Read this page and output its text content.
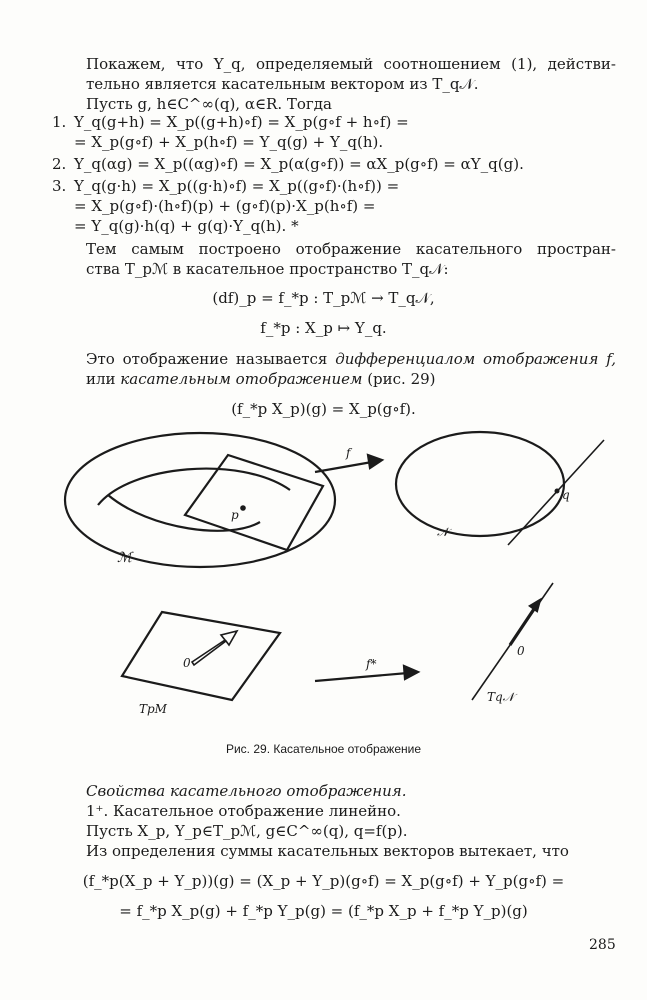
Покажем, что Y_q, определяемый соотношением (1), действи-
тельно является касательным вектором из T_q𝒩.
Пусть g, h∈C^∞(q), α∈R. Тогда
1. Y_q(g+h) = X_p((g+h)∘f) = X_p(g∘f + h∘f) =
= X_p(g∘f) + X_p(h∘f) = Y_q(g) + Y_q(h).
2. Y_q(αg) = X_p((αg)∘f) = X_p(α(g∘f)) = αX_p(g∘f) = αY_q(g).
3. Y_q(g·h) = X_p((g·h)∘f) = X_p((g∘f)·(h∘f)) =
= X_p(g∘f)·(h∘f)(p) + (g∘f)(p)·X_p(h∘f) =
= Y_q(g)·h(q) + g(q)·Y_q(h). *
Тем самым построено отображение касательного простран-
ства T_pℳ в касательное пространство T_q𝒩:
(df)_p = f_*p : T_pℳ → T_q𝒩,
f_*p : X_p ↦ Y_q.
Это отображение называется дифференциалом отображения f,
или касательным отображением (рис. 29)
(f_*p X_p)(g) = X_p(g∘f).
f
p
ℳ
𝒩
q
0	f*
0
TpM
Tq𝒩
Рис. 29. Касательное отображение
Свойства касательного отображения.
1⁺. Касательное отображение линейно.
Пусть X_p, Y_p∈T_pℳ, g∈C^∞(q), q=f(p).
Из определения суммы касательных векторов вытекает, что
(f_*p(X_p + Y_p))(g) = (X_p + Y_p)(g∘f) = X_p(g∘f) + Y_p(g∘f) =
= f_*p X_p(g) + f_*p Y_p(g) = (f_*p X_p + f_*p Y_p)(g)
285
